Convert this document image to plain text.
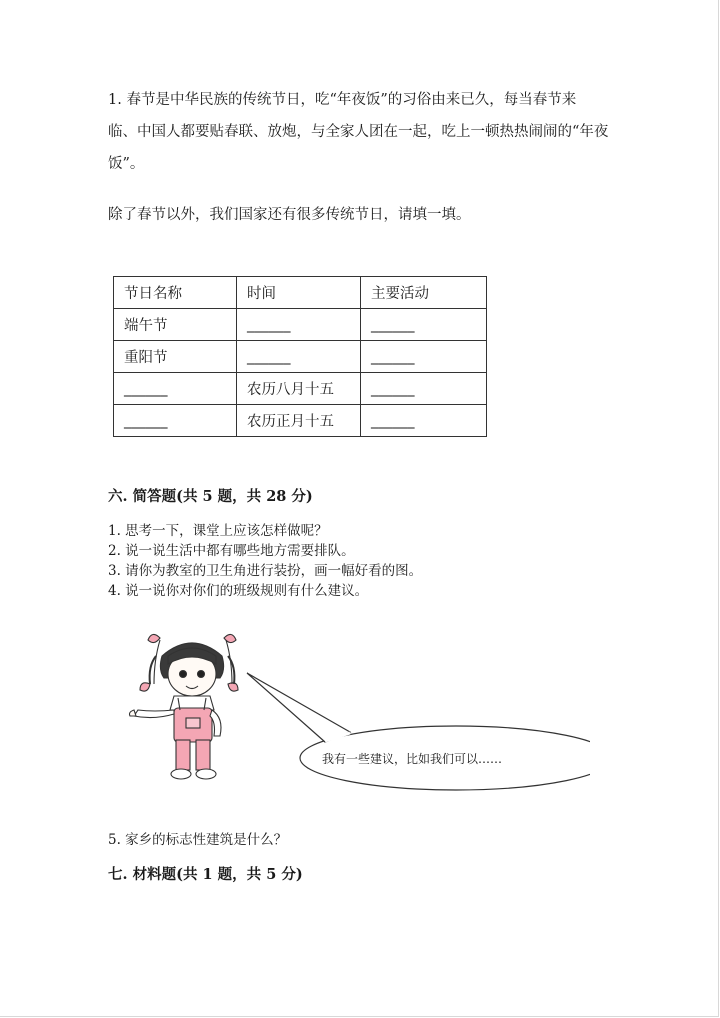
1. 春节是中华民族的传统节日，吃“年夜饭”的习俗由来已久，每当春节来

临、中国人都要贴春联、放炮，与全家人团在一起，吃上一顿热热闹闹的“年夜

饭”。

除了春节以外，我们国家还有很多传统节日，请填一填。

节日名称	时间	主要活动
端午节	______	______
重阳节	______	______
______	农历八月十五	______
______	农历正月十五	______

六. 简答题(共 5 题，共 28 分)

1. 思考一下，课堂上应该怎样做呢？
2. 说一说生活中都有哪些地方需要排队。
3. 请你为教室的卫生角进行装扮，画一幅好看的图。
4. 说一说你对你们的班级规则有什么建议。
我有一些建议，比如我们可以……

5. 家乡的标志性建筑是什么？

七. 材料题(共 1 题，共 5 分)
